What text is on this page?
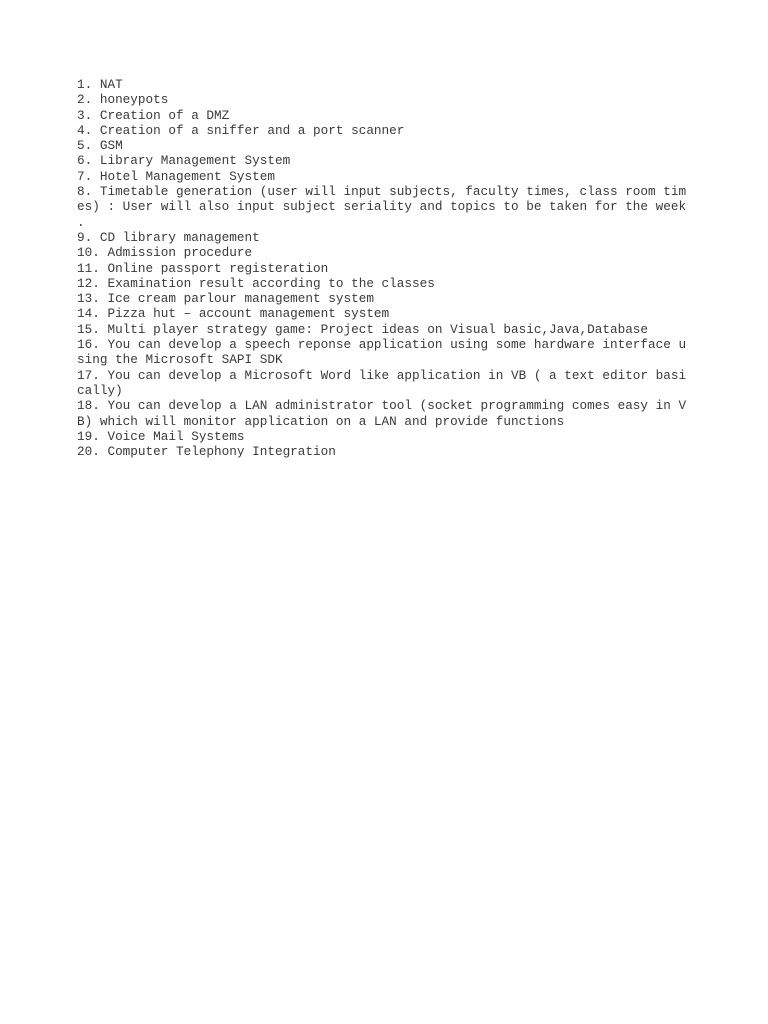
1. NAT
2. honeypots
3. Creation of a DMZ
4. Creation of a sniffer and a port scanner
5. GSM
6. Library Management System
7. Hotel Management System
8. Timetable generation (user will input subjects, faculty times, class room tim
es) : User will also input subject seriality and topics to be taken for the week
.
9. CD library management
10. Admission procedure
11. Online passport registeration
12. Examination result according to the classes
13. Ice cream parlour management system
14. Pizza hut – account management system
15. Multi player strategy game: Project ideas on Visual basic,Java,Database
16. You can develop a speech reponse application using some hardware interface u
sing the Microsoft SAPI SDK
17. You can develop a Microsoft Word like application in VB ( a text editor basi
cally)
18. You can develop a LAN administrator tool (socket programming comes easy in V
B) which will monitor application on a LAN and provide functions
19. Voice Mail Systems
20. Computer Telephony Integration
